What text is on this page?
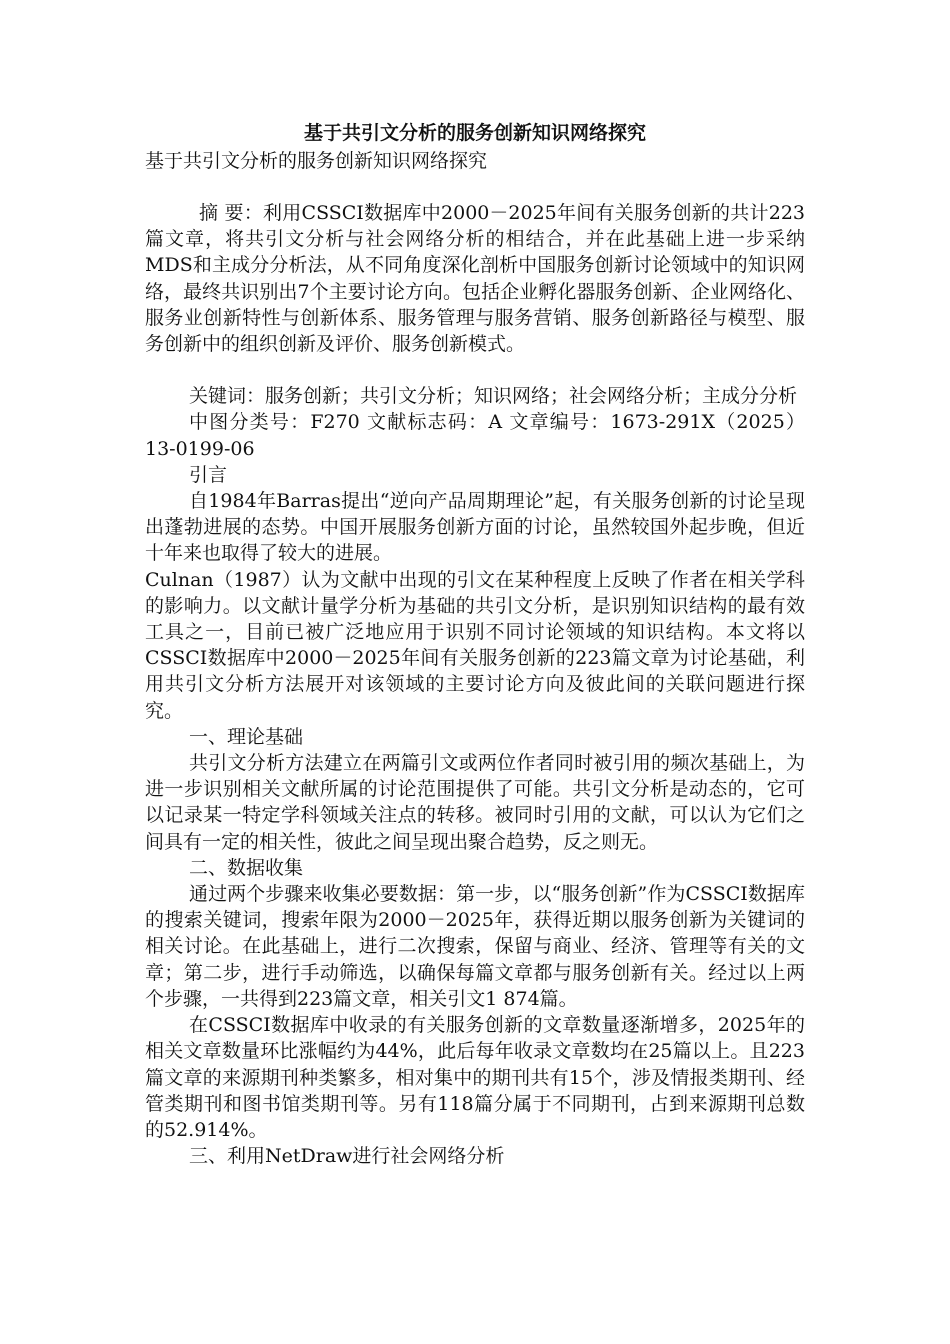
基于共引文分析的服务创新知识网络探究
基于共引文分析的服务创新知识网络探究

摘 要：利用CSSCI数据库中2000－2025年间有关服务创新的共计223篇文章，将共引文分析与社会网络分析的相结合，并在此基础上进一步采纳MDS和主成分分析法，从不同角度深化剖析中国服务创新讨论领域中的知识网络，最终共识别出7个主要讨论方向。包括企业孵化器服务创新、企业网络化、服务业创新特性与创新体系、服务管理与服务营销、服务创新路径与模型、服务创新中的组织创新及评价、服务创新模式。

关键词：服务创新；共引文分析；知识网络；社会网络分析；主成分分析

中图分类号：F270 文献标志码：A 文章编号：1673-291X（2025）13-0199-06

引言

自1984年Barras提出“逆向产品周期理论”起，有关服务创新的讨论呈现出蓬勃进展的态势。中国开展服务创新方面的讨论，虽然较国外起步晚，但近十年来也取得了较大的进展。

Culnan（1987）认为文献中出现的引文在某种程度上反映了作者在相关学科的影响力。以文献计量学分析为基础的共引文分析，是识别知识结构的最有效工具之一，目前已被广泛地应用于识别不同讨论领域的知识结构。本文将以CSSCI数据库中2000－2025年间有关服务创新的223篇文章为讨论基础，利用共引文分析方法展开对该领域的主要讨论方向及彼此间的关联问题进行探究。

一、理论基础

共引文分析方法建立在两篇引文或两位作者同时被引用的频次基础上，为进一步识别相关文献所属的讨论范围提供了可能。共引文分析是动态的，它可以记录某一特定学科领域关注点的转移。被同时引用的文献，可以认为它们之间具有一定的相关性，彼此之间呈现出聚合趋势，反之则无。

二、数据收集

通过两个步骤来收集必要数据：第一步，以“服务创新”作为CSSCI数据库的搜索关键词，搜索年限为2000－2025年，获得近期以服务创新为关键词的相关讨论。在此基础上，进行二次搜索，保留与商业、经济、管理等有关的文章；第二步，进行手动筛选，以确保每篇文章都与服务创新有关。经过以上两个步骤，一共得到223篇文章，相关引文1 874篇。

在CSSCI数据库中收录的有关服务创新的文章数量逐渐增多，2025年的相关文章数量环比涨幅约为44%，此后每年收录文章数均在25篇以上。且223篇文章的来源期刊种类繁多，相对集中的期刊共有15个，涉及情报类期刊、经管类期刊和图书馆类期刊等。另有118篇分属于不同期刊，占到来源期刊总数的52.914%。

三、利用NetDraw进行社会网络分析
